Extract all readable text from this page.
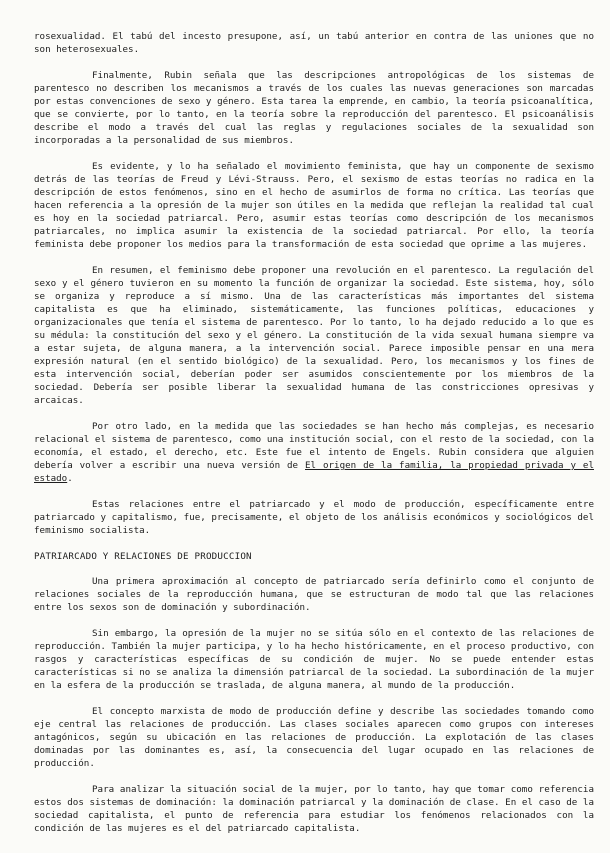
rosexualidad. El tabú del incesto presupone, así, un tabú anterior en contra de las uniones que no son heterosexuales.

Finalmente, Rubin señala que las descripciones antropológicas de los sistemas de parentesco no describen los mecanismos a través de los cuales las nuevas generaciones son marcadas por estas convenciones de sexo y género. Esta tarea la emprende, en cambio, la teoría psicoanalítica, que se convierte, por lo tanto, en la teoría sobre la reproducción del parentesco. El psicoanálisis describe el modo a través del cual las reglas y regulaciones sociales de la sexualidad son incorporadas a la personalidad de sus miembros.

Es evidente, y lo ha señalado el movimiento feminista, que hay un componente de sexismo detrás de las teorías de Freud y Lévi-Strauss. Pero, el sexismo de estas teorías no radica en la descripción de estos fenómenos, sino en el hecho de asumirlos de forma no crítica. Las teorías que hacen referencia a la opresión de la mujer son útiles en la medida que reflejan la realidad tal cual es hoy en la sociedad patriarcal. Pero, asumir estas teorías como descripción de los mecanismos patriarcales, no implica asumir la existencia de la sociedad patriarcal. Por ello, la teoría feminista debe proponer los medios para la transformación de esta sociedad que oprime a las mujeres.

En resumen, el feminismo debe proponer una revolución en el parentesco. La regulación del sexo y el género tuvieron en su momento la función de organizar la sociedad. Este sistema, hoy, sólo se organiza y reproduce a sí mismo. Una de las características más importantes del sistema capitalista es que ha eliminado, sistemáticamente, las funciones políticas, educaciones y organizacionales que tenía el sistema de parentesco. Por lo tanto, lo ha dejado reducido a lo que es su médula: la constitución del sexo y el género. La constitución de la vida sexual humana siempre va a estar sujeta, de alguna manera, a la intervención social. Parece imposible pensar en una mera expresión natural (en el sentido biológico) de la sexualidad. Pero, los mecanismos y los fines de esta intervención social, deberían poder ser asumidos conscientemente por los miembros de la sociedad. Debería ser posible liberar la sexualidad humana de las constricciones opresivas y arcaicas.

Por otro lado, en la medida que las sociedades se han hecho más complejas, es necesario relacional el sistema de parentesco, como una institución social, con el resto de la sociedad, con la economía, el estado, el derecho, etc. Este fue el intento de Engels. Rubin considera que alguien debería volver a escribir una nueva versión de El origen de la familia, la propiedad privada y el estado.

Estas relaciones entre el patriarcado y el modo de producción, específicamente entre patriarcado y capitalismo, fue, precisamente, el objeto de los análisis económicos y sociológicos del feminismo socialista.

PATRIARCADO Y RELACIONES DE PRODUCCION

Una primera aproximación al concepto de patriarcado sería definirlo como el conjunto de relaciones sociales de la reproducción humana, que se estructuran de modo tal que las relaciones entre los sexos son de dominación y subordinación.

Sin embargo, la opresión de la mujer no se sitúa sólo en el contexto de las relaciones de reproducción. También la mujer participa, y lo ha hecho históricamente, en el proceso productivo, con rasgos y características específicas de su condición de mujer. No se puede entender estas características si no se analiza la dimensión patriarcal de la sociedad. La subordinación de la mujer en la esfera de la producción se traslada, de alguna manera, al mundo de la producción.

El concepto marxista de modo de producción define y describe las sociedades tomando como eje central las relaciones de producción. Las clases sociales aparecen como grupos con intereses antagónicos, según su ubicación en las relaciones de producción. La explotación de las clases dominadas por las dominantes es, así, la consecuencia del lugar ocupado en las relaciones de producción.

Para analizar la situación social de la mujer, por lo tanto, hay que tomar como referencia estos dos sistemas de dominación: la dominación patriarcal y la dominación de clase. En el caso de la sociedad capitalista, el punto de referencia para estudiar los fenómenos relacionados con la condición de las mujeres es el del patriarcado capitalista.
